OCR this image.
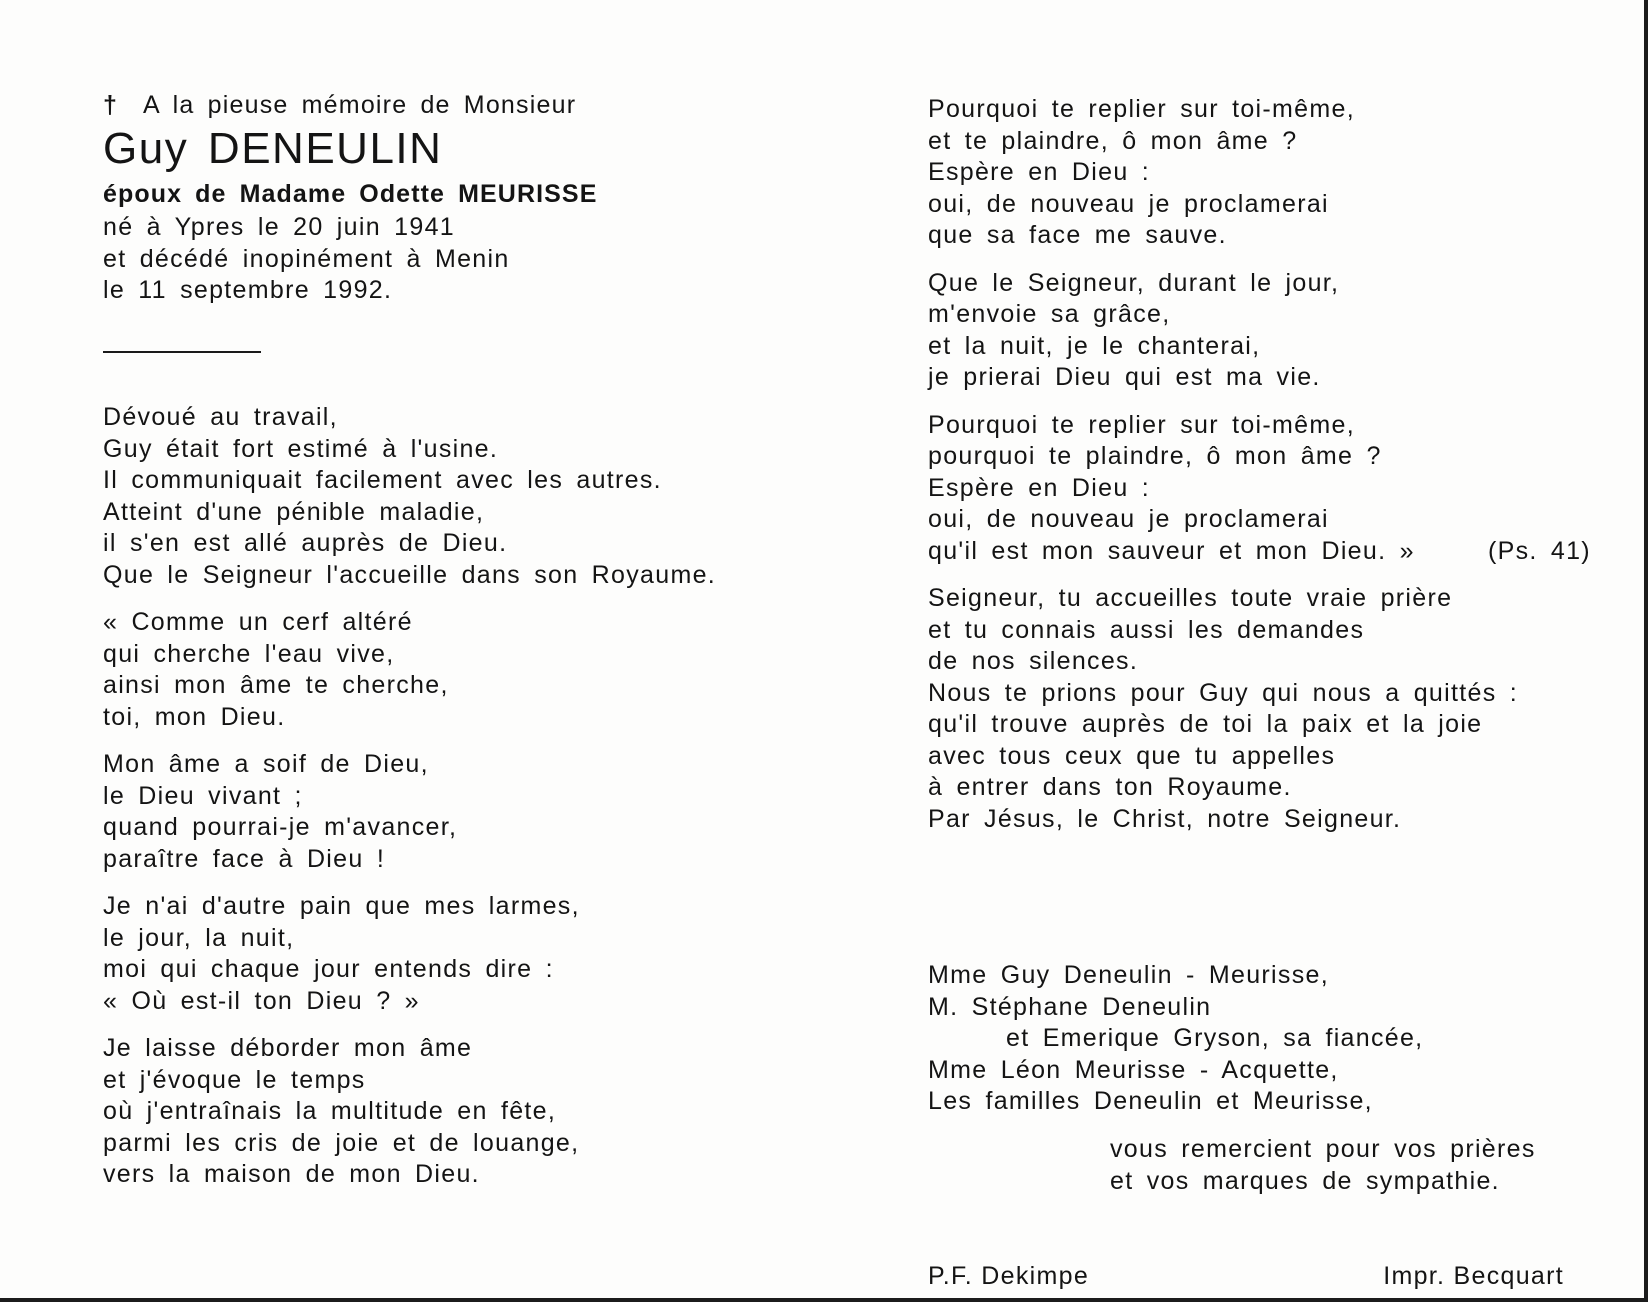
† A la pieuse mémoire de Monsieur
Guy DENEULIN
époux de Madame Odette MEURISSE
né à Ypres le 20 juin 1941
et décédé inopinément à Menin
le 11 septembre 1992.
Dévoué au travail,
Guy était fort estimé à l'usine.
Il communiquait facilement avec les autres.
Atteint d'une pénible maladie,
il s'en est allé auprès de Dieu.
Que le Seigneur l'accueille dans son Royaume.
« Comme un cerf altéré
qui cherche l'eau vive,
ainsi mon âme te cherche,
toi, mon Dieu.
Mon âme a soif de Dieu,
le Dieu vivant ;
quand pourrai-je m'avancer,
paraître face à Dieu !
Je n'ai d'autre pain que mes larmes,
le jour, la nuit,
moi qui chaque jour entends dire :
« Où est-il ton Dieu ? »
Je laisse déborder mon âme
et j'évoque le temps
où j'entraînais la multitude en fête,
parmi les cris de joie et de louange,
vers la maison de mon Dieu.
Pourquoi te replier sur toi-même,
et te plaindre, ô mon âme ?
Espère en Dieu :
oui, de nouveau je proclamerai
que sa face me sauve.
Que le Seigneur, durant le jour,
m'envoie sa grâce,
et la nuit, je le chanterai,
je prierai Dieu qui est ma vie.
Pourquoi te replier sur toi-même,
pourquoi te plaindre, ô mon âme ?
Espère en Dieu :
oui, de nouveau je proclamerai
qu'il est mon sauveur et mon Dieu. »	(Ps. 41)
Seigneur, tu accueilles toute vraie prière
et tu connais aussi les demandes
de nos silences.
Nous te prions pour Guy qui nous a quittés :
qu'il trouve auprès de toi la paix et la joie
avec tous ceux que tu appelles
à entrer dans ton Royaume.
Par Jésus, le Christ, notre Seigneur.
Mme Guy Deneulin - Meurisse,
M. Stéphane Deneulin
et Emerique Gryson, sa fiancée,
Mme Léon Meurisse - Acquette,
Les familles Deneulin et Meurisse,
vous remercient pour vos prières
et vos marques de sympathie.
P.F. Dekimpe	Impr. Becquart
